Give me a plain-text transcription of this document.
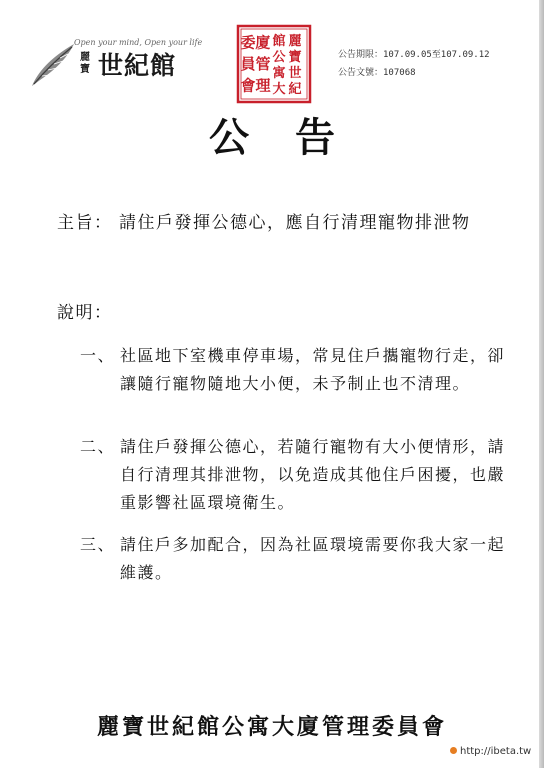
Open your mind, Open your life
麗寶 世紀館
麗
寶
世
紀
館
公
寓
大
廈
管
理
委
員
會
公告期限：107.09.05至107.09.12
公告文號：107068
公告
主旨： 請住戶發揮公德心，應自行清理寵物排泄物
說明：
一、 社區地下室機車停車場，常見住戶攜寵物行走，卻讓隨行寵物隨地大小便，未予制止也不清理。
二、 請住戶發揮公德心，若隨行寵物有大小便情形，請自行清理其排泄物，以免造成其他住戶困擾，也嚴重影響社區環境衛生。
三、 請住戶多加配合，因為社區環境需要你我大家一起維護。
麗寶世紀館公寓大廈管理委員會
http://ibeta.tw
